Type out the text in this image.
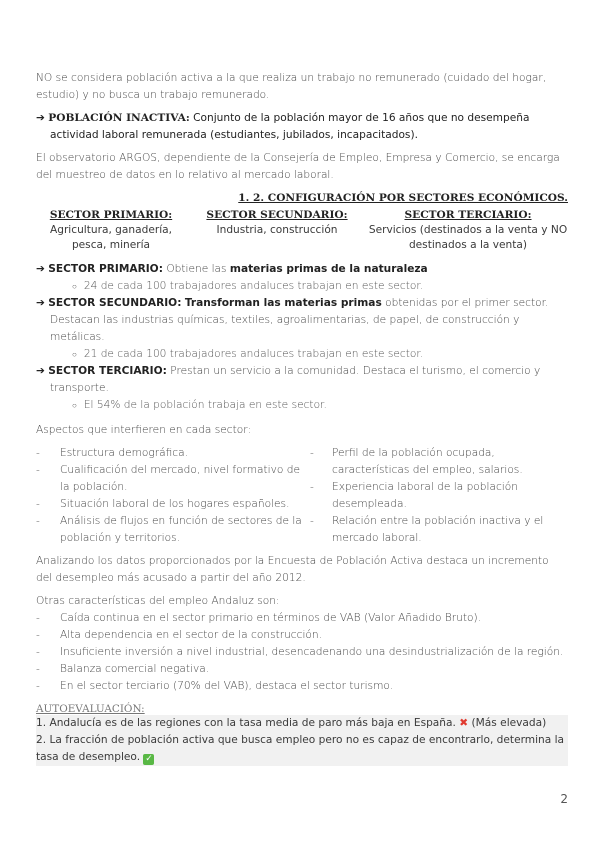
NO se considera población activa a la que realiza un trabajo no remunerado (cuidado del hogar, estudio) y no busca un trabajo remunerado.

➔ POBLACIÓN INACTIVA: Conjunto de la población mayor de 16 años que no desempeña actividad laboral remunerada (estudiantes, jubilados, incapacitados).

El observatorio ARGOS, dependiente de la Consejería de Empleo, Empresa y Comercio, se encarga del muestreo de datos en lo relativo al mercado laboral.

1. 2. CONFIGURACIÓN POR SECTORES ECONÓMICOS.
SECTOR PRIMARIO:
Agricultura, ganadería, pesca, minería
SECTOR SECUNDARIO:
Industria, construcción
SECTOR TERCIARIO:
Servicios (destinados a la venta y NO destinados a la venta)

➔ SECTOR PRIMARIO: Obtiene las materias primas de la naturaleza

○ 24 de cada 100 trabajadores andaluces trabajan en este sector.

➔ SECTOR SECUNDARIO: Transforman las materias primas obtenidas por el primer sector.

Destacan las industrias químicas, textiles, agroalimentarias, de papel, de construcción y metálicas.

○ 21 de cada 100 trabajadores andaluces trabajan en este sector.

➔ SECTOR TERCIARIO: Prestan un servicio a la comunidad. Destaca el turismo, el comercio y transporte.

○ El 54% de la población trabaja en este sector.

Aspectos que interfieren en cada sector:

- Estructura demográfica.

- Cualificación del mercado, nivel formativo de la población.

- Situación laboral de los hogares españoles.

- Análisis de flujos en función de sectores de la población y territorios.

- Perfil de la población ocupada, características del empleo, salarios.

- Experiencia laboral de la población desempleada.

- Relación entre la población inactiva y el mercado laboral.

Analizando los datos proporcionados por la Encuesta de Población Activa destaca un incremento del desempleo más acusado a partir del año 2012.

Otras características del empleo Andaluz son:

- Caída continua en el sector primario en términos de VAB (Valor Añadido Bruto).

- Alta dependencia en el sector de la construcción.

- Insuficiente inversión a nivel industrial, desencadenando una desindustrialización de la región.

- Balanza comercial negativa.

- En el sector terciario (70% del VAB), destaca el sector turismo.

AUTOEVALUACIÓN:

1. Andalucía es de las regiones con la tasa media de paro más baja en España. ✖ (Más elevada)

2. La fracción de población activa que busca empleo pero no es capaz de encontrarlo, determina la tasa de desempleo. ✓

2
